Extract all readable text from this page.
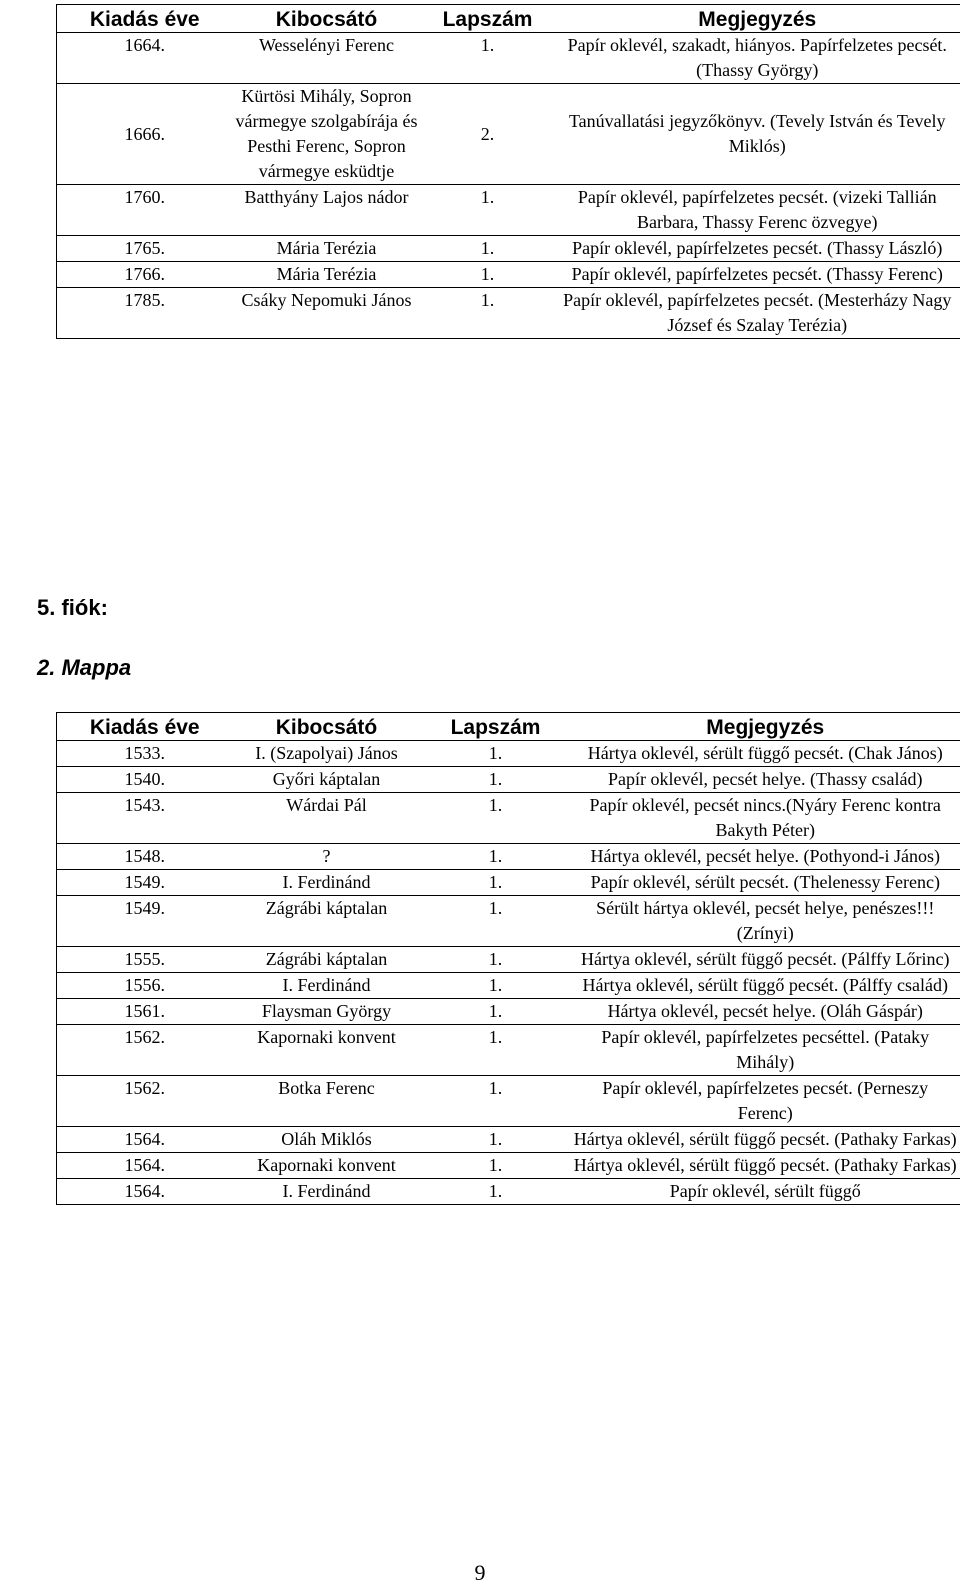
Kiadás éve	Kibocsátó	Lapszám	Megjegyzés
1664.	Wesselényi Ferenc	1.	Papír oklevél, szakadt, hiányos. Papírfelzetes pecsét. (Thassy György)
1666.	Kürtösi Mihály, Sopron vármegye szolgabírája és Pesthi Ferenc, Sopron vármegye esküdtje	2.	Tanúvallatási jegyzőkönyv. (Tevely István és Tevely Miklós)
1760.	Batthyány Lajos nádor	1.	Papír oklevél, papírfelzetes pecsét. (vizeki Tallián Barbara, Thassy Ferenc özvegye)
1765.	Mária Terézia	1.	Papír oklevél, papírfelzetes pecsét. (Thassy László)
1766.	Mária Terézia	1.	Papír oklevél, papírfelzetes pecsét. (Thassy Ferenc)
1785.	Csáky Nepomuki János	1.	Papír oklevél, papírfelzetes pecsét. (Mesterházy Nagy József és Szalay Terézia)
5. fiók:
2. Mappa
Kiadás éve	Kibocsátó	Lapszám	Megjegyzés
1533.	I. (Szapolyai) János	1.	Hártya oklevél, sérült függő pecsét. (Chak János)
1540.	Győri káptalan	1.	Papír oklevél, pecsét helye. (Thassy család)
1543.	Wárdai Pál	1.	Papír oklevél, pecsét nincs.(Nyáry Ferenc kontra Bakyth Péter)
1548.	?	1.	Hártya oklevél, pecsét helye. (Pothyond-i János)
1549.	I. Ferdinánd	1.	Papír oklevél, sérült pecsét. (Thelenessy Ferenc)
1549.	Zágrábi káptalan	1.	Sérült hártya oklevél, pecsét helye, penészes!!! (Zrínyi)
1555.	Zágrábi káptalan	1.	Hártya oklevél, sérült függő pecsét. (Pálffy Lőrinc)
1556.	I. Ferdinánd	1.	Hártya oklevél, sérült függő pecsét. (Pálffy család)
1561.	Flaysman György	1.	Hártya oklevél, pecsét helye. (Oláh Gáspár)
1562.	Kapornaki konvent	1.	Papír oklevél, papírfelzetes pecséttel. (Pataky Mihály)
1562.	Botka Ferenc	1.	Papír oklevél, papírfelzetes pecsét. (Perneszy Ferenc)
1564.	Oláh Miklós	1.	Hártya oklevél, sérült függő pecsét. (Pathaky Farkas)
1564.	Kapornaki konvent	1.	Hártya oklevél, sérült függő pecsét. (Pathaky Farkas)
1564.	I. Ferdinánd	1.	Papír oklevél, sérült függő
9
